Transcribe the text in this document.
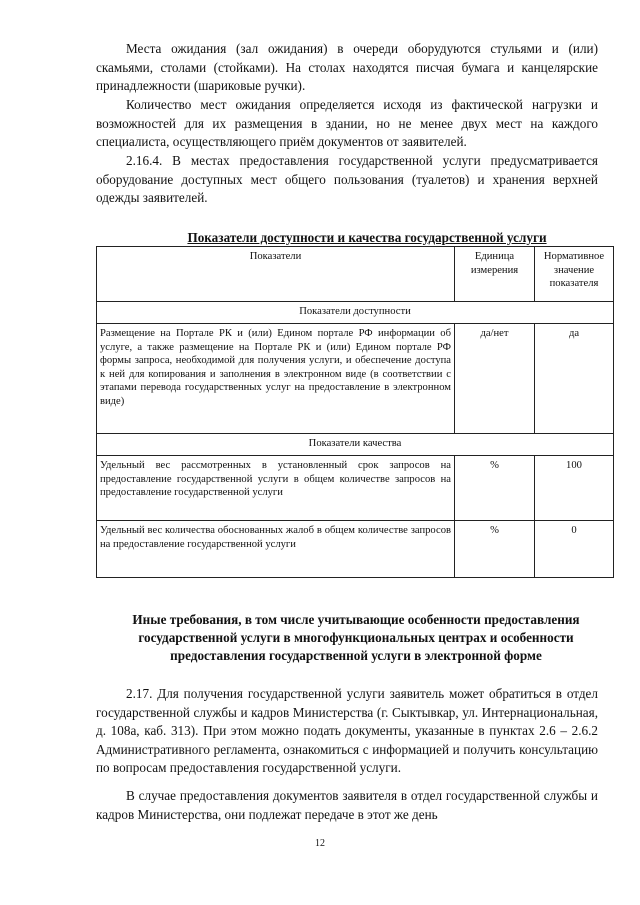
Места ожидания (зал ожидания) в очереди оборудуются стульями и (или) скамьями, столами (стойками). На столах находятся писчая бумага и канцелярские принадлежности (шариковые ручки).

Количество мест ожидания определяется исходя из фактической нагрузки и возможностей для их размещения в здании, но не менее двух мест на каждого специалиста, осуществляющего приём документов от заявителей.

2.16.4. В местах предоставления государственной услуги предусматривается оборудование доступных мест общего пользования (туалетов) и хранения верхней одежды заявителей.

Показатели доступности и качества государственной услуги

Показатели	Единица измерения	Нормативное значение показателя
Показатели доступности		
Размещение на Портале РК и (или) Едином портале РФ информации об услуге, а также размещение на Портале РК и (или) Едином портале РФ формы запроса, необходимой для получения услуги, и обеспечение доступа к ней для копирования и заполнения в электронном виде (в соответствии с этапами перевода государственных услуг на предоставление в электронном виде)	да/нет	да
Показатели качества		
Удельный вес рассмотренных в установленный срок запросов на предоставление государственной услуги в общем количестве запросов на предоставление государственной услуги	%	100
Удельный вес количества обоснованных жалоб в общем количестве запросов на предоставление государственной услуги	%	0

Иные требования, в том числе учитывающие особенности предоставления государственной услуги в многофункциональных центрах и особенности предоставления государственной услуги в электронной форме

2.17. Для получения государственной услуги заявитель может обратиться в отдел государственной службы и кадров Министерства (г. Сыктывкар, ул. Интернациональная, д. 108а, каб. 313). При этом можно подать документы, указанные в пунктах 2.6 – 2.6.2 Административного регламента, ознакомиться с информацией и получить консультацию по вопросам предоставления государственной услуги.

В случае предоставления документов заявителя в отдел государственной службы и кадров Министерства, они подлежат передаче в этот же день

12
